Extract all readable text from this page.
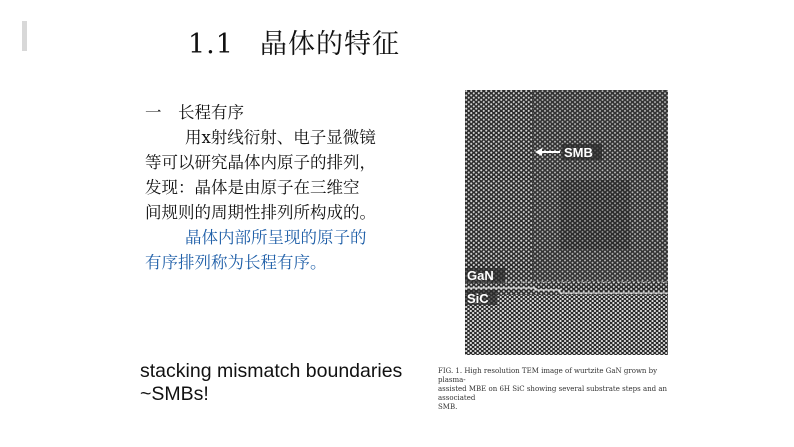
1.1 晶体的特征

一　长程有序

用x射线衍射、电子显微镜

等可以研究晶体内原子的排列，

发现：晶体是由原子在三维空

间规则的周期性排列所构成的。

晶体内部所呈现的原子的

有序排列称为长程有序。

stacking mismatch boundaries
~SMBs!
SMB
GaN
SiC
FIG. 1. High resolution TEM image of wurtzite GaN grown by plasma-
assisted MBE on 6H SiC showing several substrate steps and an associated
SMB.
